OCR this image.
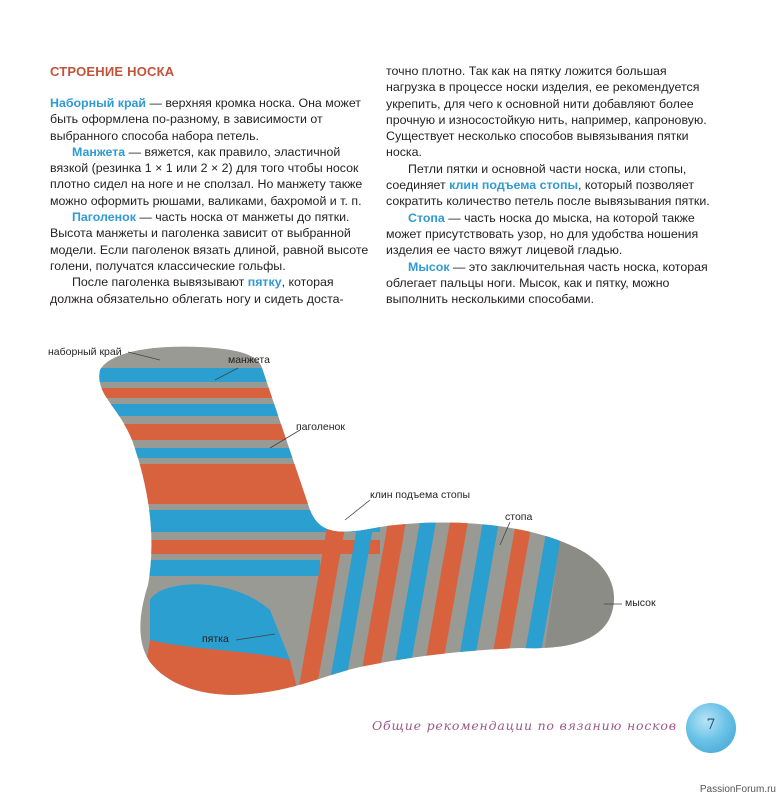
СТРОЕНИЕ НОСКА

Наборный край — верхняя кромка носка. Она может быть оформлена по-разному, в зависимости от выбранного способа набора петель.

Манжета — вяжется, как правило, эластичной вязкой (резинка 1 × 1 или 2 × 2) для того чтобы носок плотно сидел на ноге и не сползал. Но манжету также можно оформить рюшами, валиками, бахромой и т. п.

Паголенок — часть носка от манжеты до пятки. Высота манжеты и паголенка зависит от выбранной модели. Если паголенок вязать длиной, равной высоте голени, получатся классические гольфы.

После паголенка вывязывают пятку, которая должна обязательно облегать ногу и сидеть доста-

точно плотно. Так как на пятку ложится большая нагрузка в процессе носки изделия, ее рекомендуется укрепить, для чего к основной нити добавляют более прочную и износостойкую нить, например, капроновую. Существует несколько способов вывязывания пятки носка.

Петли пятки и основной части носка, или стопы, соединяет клин подъема стопы, который позволяет сократить количество петель после вывязывания пятки.

Стопа — часть носка до мыска, на которой также может присутствовать узор, но для удобства ношения изделия ее часто вяжут лицевой гладью.

Мысок — это заключительная часть носка, которая облегает пальцы ноги. Мысок, как и пятку, можно выполнить несколькими способами.

наборный край
манжета
паголенок
клин подъема стопы
стопа
мысок
пятка
Общие рекомендации по вязанию носков	7
PassionForum.ru
